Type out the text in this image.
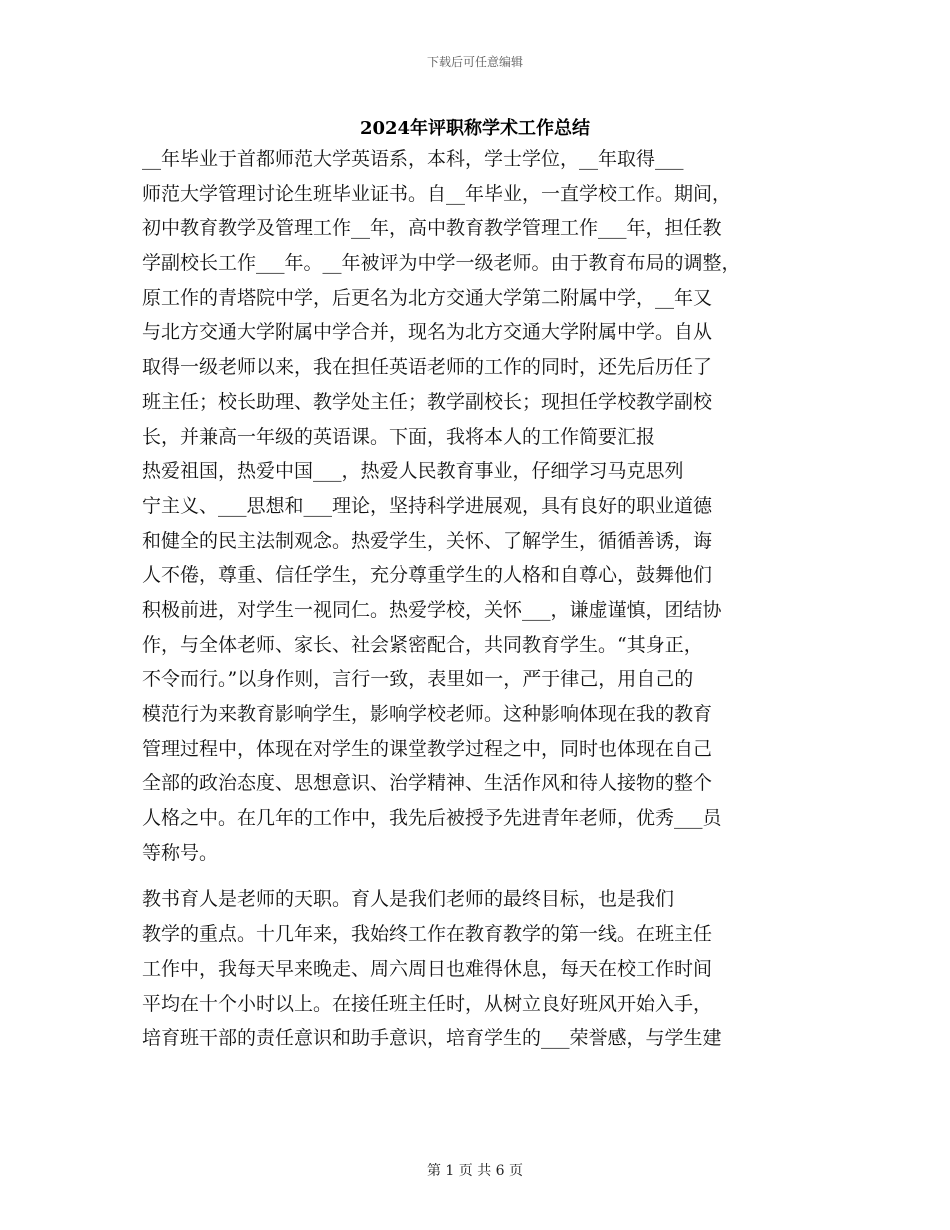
下载后可任意编辑
2024年评职称学术工作总结
__年毕业于首都师范大学英语系，本科，学士学位，__年取得___
师范大学管理讨论生班毕业证书。自__年毕业，一直学校工作。期间，
初中教育教学及管理工作__年，高中教育教学管理工作___年，担任教
学副校长工作___年。__年被评为中学一级老师。由于教育布局的调整，
原工作的青塔院中学，后更名为北方交通大学第二附属中学，__年又
与北方交通大学附属中学合并，现名为北方交通大学附属中学。自从
取得一级老师以来，我在担任英语老师的工作的同时，还先后历任了
班主任；校长助理、教学处主任；教学副校长；现担任学校教学副校
长，并兼高一年级的英语课。下面，我将本人的工作简要汇报
热爱祖国，热爱中国___，热爱人民教育事业，仔细学习马克思列
宁主义、___思想和___理论，坚持科学进展观，具有良好的职业道德
和健全的民主法制观念。热爱学生，关怀、了解学生，循循善诱，诲
人不倦，尊重、信任学生，充分尊重学生的人格和自尊心，鼓舞他们
积极前进，对学生一视同仁。热爱学校，关怀___，谦虚谨慎，团结协
作，与全体老师、家长、社会紧密配合，共同教育学生。“其身正，
不令而行。”以身作则，言行一致，表里如一，严于律己，用自己的
模范行为来教育影响学生，影响学校老师。这种影响体现在我的教育
管理过程中，体现在对学生的课堂教学过程之中，同时也体现在自己
全部的政治态度、思想意识、治学精神、生活作风和待人接物的整个
人格之中。在几年的工作中，我先后被授予先进青年老师，优秀___员
等称号。
教书育人是老师的天职。育人是我们老师的最终目标，也是我们
教学的重点。十几年来，我始终工作在教育教学的第一线。在班主任
工作中，我每天早来晚走、周六周日也难得休息，每天在校工作时间
平均在十个小时以上。在接任班主任时，从树立良好班风开始入手，
培育班干部的责任意识和助手意识，培育学生的___荣誉感，与学生建
第 1 页 共 6 页
